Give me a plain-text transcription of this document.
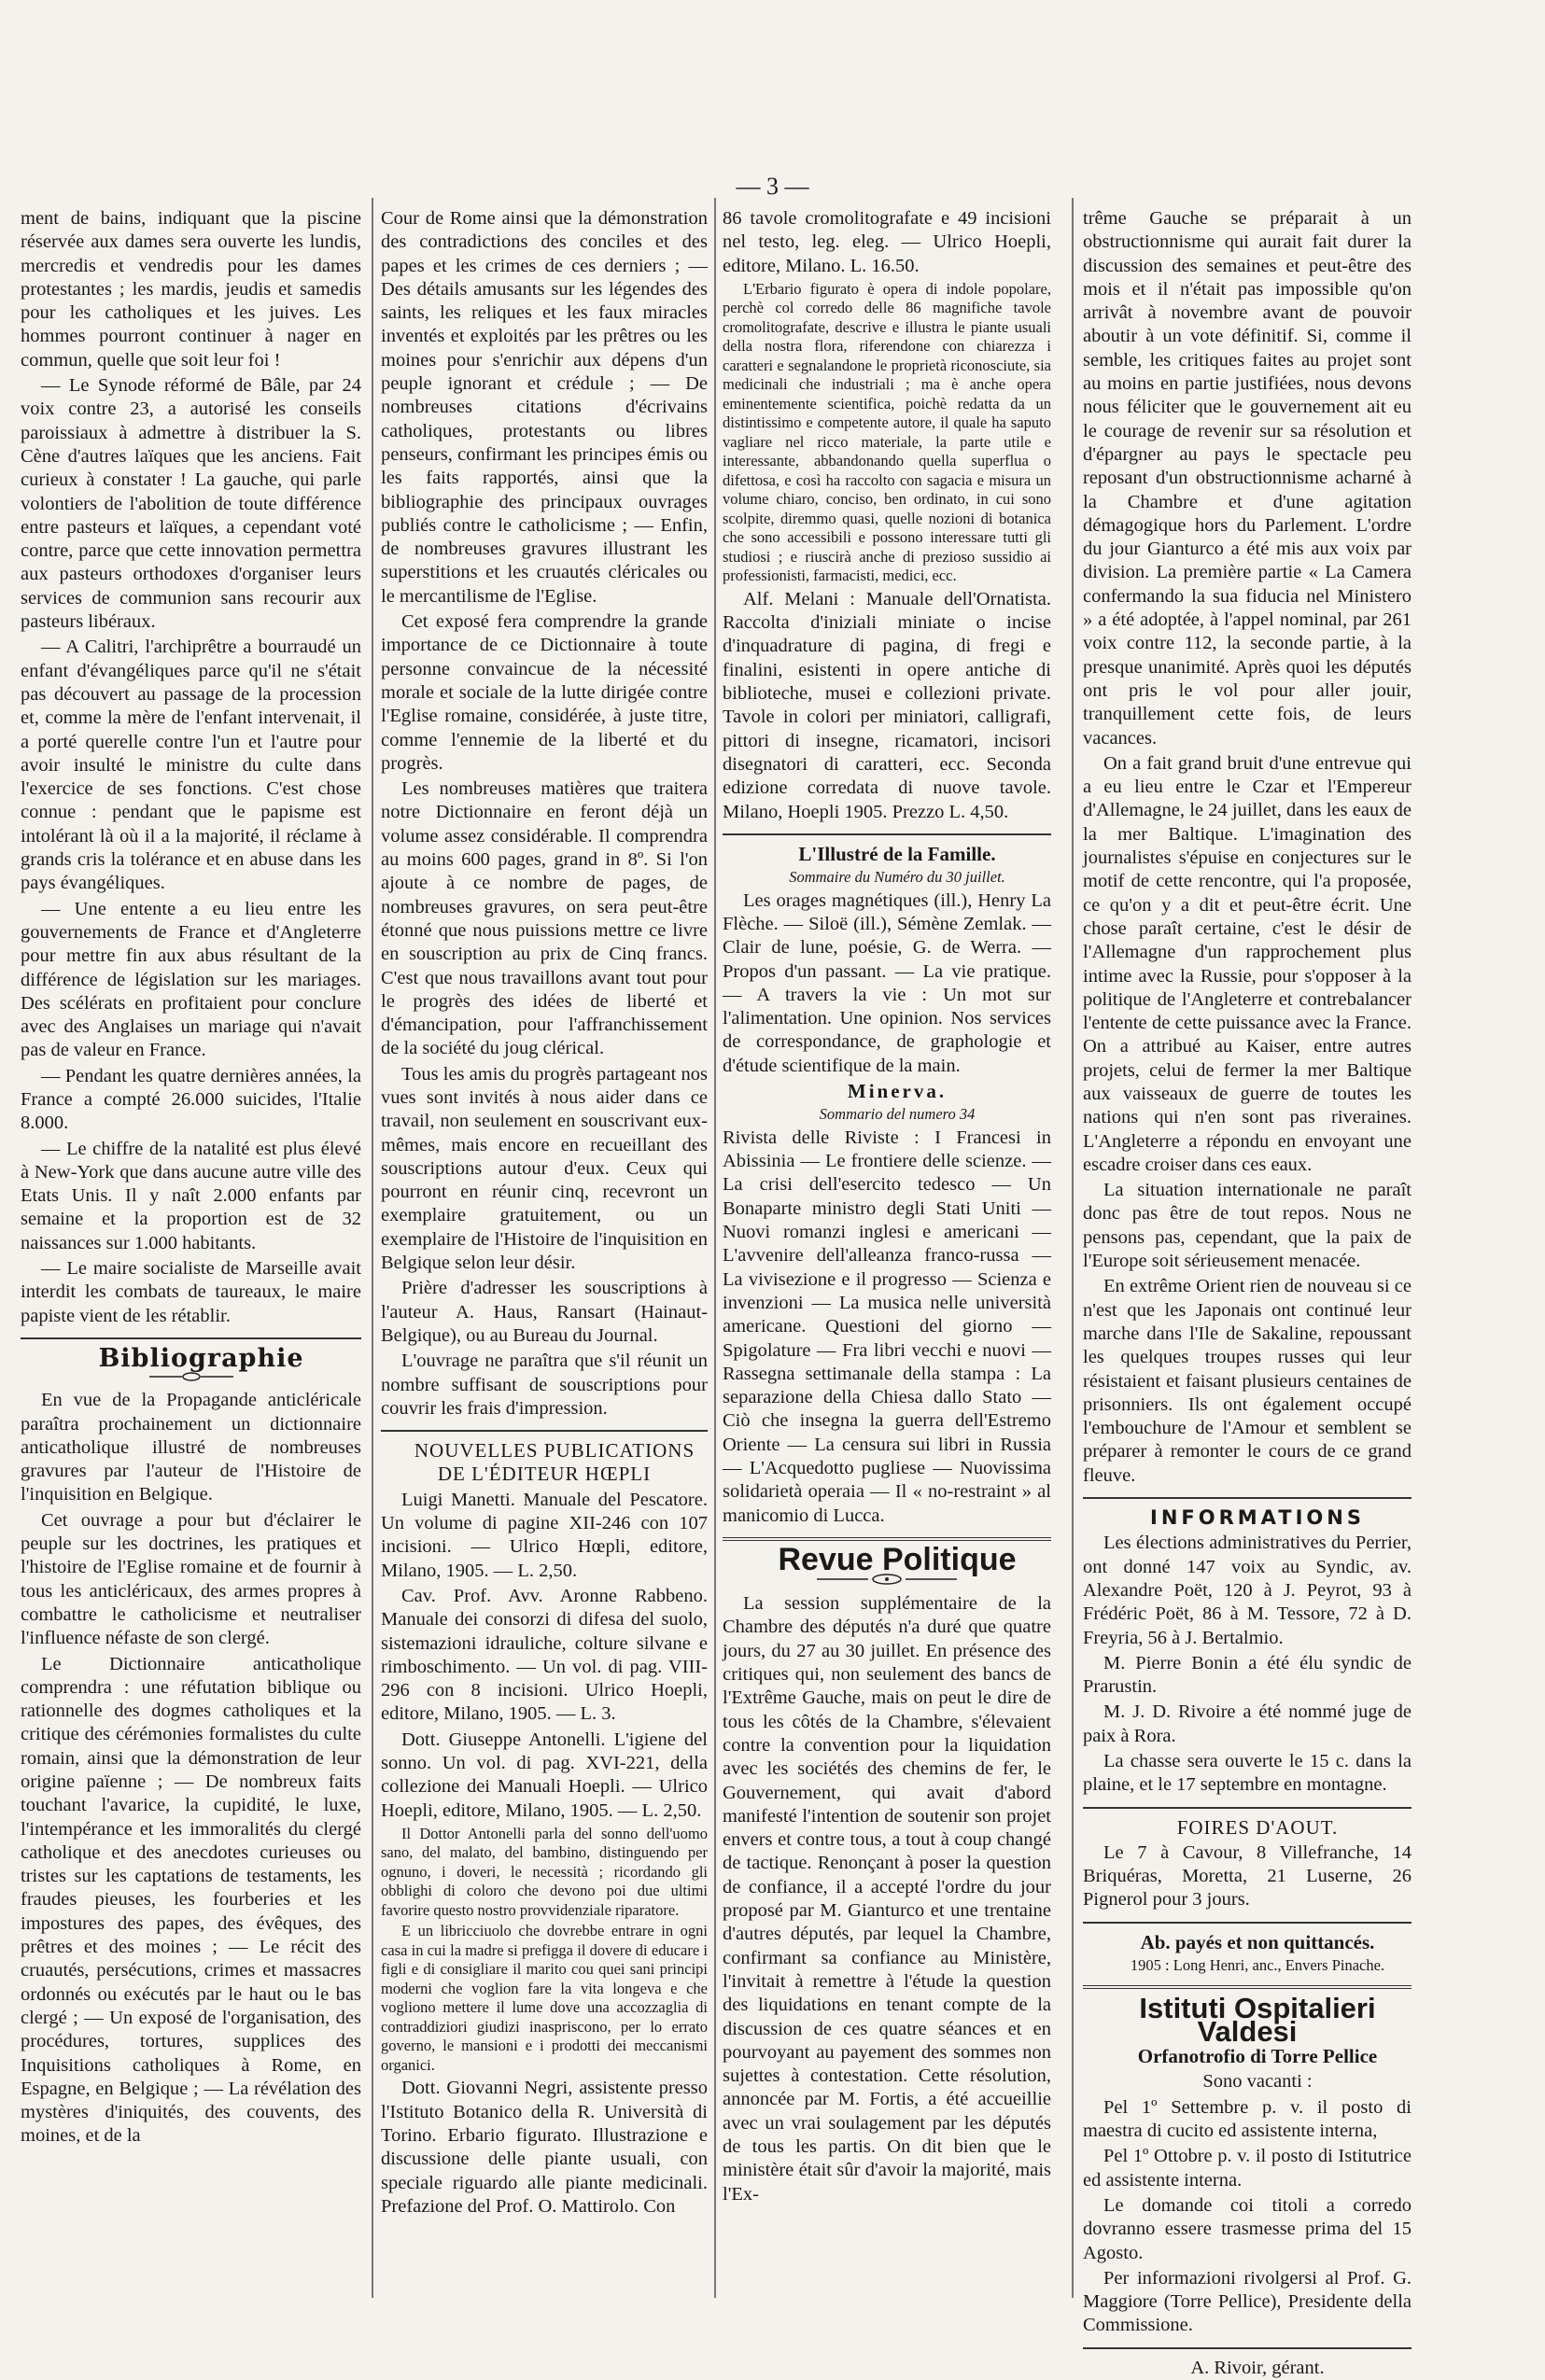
— 3 —

ment de bains, indiquant que la piscine réservée aux dames sera ouverte les lundis, mercredis et vendredis pour les dames protestantes ; les mardis, jeudis et samedis pour les catholiques et les juives. Les hommes pourront continuer à nager en commun, quelle que soit leur foi !

— Le Synode réformé de Bâle, par 24 voix contre 23, a autorisé les conseils paroissiaux à admettre à distribuer la S. Cène d'autres laïques que les anciens. Fait curieux à constater ! La gauche, qui parle volontiers de l'abolition de toute différence entre pasteurs et laïques, a cependant voté contre, parce que cette innovation permettra aux pasteurs orthodoxes d'organiser leurs services de communion sans recourir aux pasteurs libéraux.

— A Calitri, l'archiprêtre a bourraudé un enfant d'évangéliques parce qu'il ne s'était pas découvert au passage de la procession et, comme la mère de l'enfant intervenait, il a porté querelle contre l'un et l'autre pour avoir insulté le ministre du culte dans l'exercice de ses fonctions. C'est chose connue : pendant que le papisme est intolérant là où il a la majorité, il réclame à grands cris la tolérance et en abuse dans les pays évangéliques.

— Une entente a eu lieu entre les gouvernements de France et d'Angleterre pour mettre fin aux abus résultant de la différence de législation sur les mariages. Des scélérats en profitaient pour conclure avec des Anglaises un mariage qui n'avait pas de valeur en France.

— Pendant les quatre dernières années, la France a compté 26.000 suicides, l'Italie 8.000.

— Le chiffre de la natalité est plus élevé à New-York que dans aucune autre ville des Etats Unis. Il y naît 2.000 enfants par semaine et la proportion est de 32 naissances sur 1.000 habitants.

— Le maire socialiste de Marseille avait interdit les combats de taureaux, le maire papiste vient de les rétablir.

Bibliographie

En vue de la Propagande anticléricale paraîtra prochainement un dictionnaire anticatholique illustré de nombreuses gravures par l'auteur de l'Histoire de l'inquisition en Belgique.

Cet ouvrage a pour but d'éclairer le peuple sur les doctrines, les pratiques et l'histoire de l'Eglise romaine et de fournir à tous les anticléricaux, des armes propres à combattre le catholicisme et neutraliser l'influence néfaste de son clergé.

Le Dictionnaire anticatholique comprendra : une réfutation biblique ou rationnelle des dogmes catholiques et la critique des cérémonies formalistes du culte romain, ainsi que la démonstration de leur origine païenne ; — De nombreux faits touchant l'avarice, la cupidité, le luxe, l'intempérance et les immoralités du clergé catholique et des anecdotes curieuses ou tristes sur les captations de testaments, les fraudes pieuses, les fourberies et les impostures des papes, des évêques, des prêtres et des moines ; — Le récit des cruautés, persécutions, crimes et massacres ordonnés ou exécutés par le haut ou le bas clergé ; — Un exposé de l'organisation, des procédures, tortures, supplices des Inquisitions catholiques à Rome, en Espagne, en Belgique ; — La révélation des mystères d'iniquités, des couvents, des moines, et de la

Cour de Rome ainsi que la démonstration des contradictions des conciles et des papes et les crimes de ces derniers ; — Des détails amusants sur les légendes des saints, les reliques et les faux miracles inventés et exploités par les prêtres ou les moines pour s'enrichir aux dépens d'un peuple ignorant et crédule ; — De nombreuses citations d'écrivains catholiques, protestants ou libres penseurs, confirmant les principes émis ou les faits rapportés, ainsi que la bibliographie des principaux ouvrages publiés contre le catholicisme ; — Enfin, de nombreuses gravures illustrant les superstitions et les cruautés cléricales ou le mercantilisme de l'Eglise.

Cet exposé fera comprendre la grande importance de ce Dictionnaire à toute personne convaincue de la nécessité morale et sociale de la lutte dirigée contre l'Eglise romaine, considérée, à juste titre, comme l'ennemie de la liberté et du progrès.

Les nombreuses matières que traitera notre Dictionnaire en feront déjà un volume assez considérable. Il comprendra au moins 600 pages, grand in 8º. Si l'on ajoute à ce nombre de pages, de nombreuses gravures, on sera peut-être étonné que nous puissions mettre ce livre en souscription au prix de Cinq francs. C'est que nous travaillons avant tout pour le progrès des idées de liberté et d'émancipation, pour l'affranchissement de la société du joug clérical.

Tous les amis du progrès partageant nos vues sont invités à nous aider dans ce travail, non seulement en souscrivant eux-mêmes, mais encore en recueillant des souscriptions autour d'eux. Ceux qui pourront en réunir cinq, recevront un exemplaire gratuitement, ou un exemplaire de l'Histoire de l'inquisition en Belgique selon leur désir.

Prière d'adresser les souscriptions à l'auteur A. Haus, Ransart (Hainaut-Belgique), ou au Bureau du Journal.

L'ouvrage ne paraîtra que s'il réunit un nombre suffisant de souscriptions pour couvrir les frais d'impression.

NOUVELLES PUBLICATIONS DE L'ÉDITEUR HŒPLI

Luigi Manetti. Manuale del Pescatore. Un volume di pagine XII-246 con 107 incisioni. — Ulrico Hœpli, editore, Milano, 1905. — L. 2,50.

Cav. Prof. Avv. Aronne Rabbeno. Manuale dei consorzi di difesa del suolo, sistemazioni idrauliche, colture silvane e rimboschimento. — Un vol. di pag. VIII-296 con 8 incisioni. Ulrico Hoepli, editore, Milano, 1905. — L. 3.

Dott. Giuseppe Antonelli. L'igiene del sonno. Un vol. di pag. XVI-221, della collezione dei Manuali Hoepli. — Ulrico Hoepli, editore, Milano, 1905. — L. 2,50.

Il Dottor Antonelli parla del sonno dell'uomo sano, del malato, del bambino, distinguendo per ognuno, i doveri, le necessità ; ricordando gli obblighi di coloro che devono poi due ultimi favorire questo nostro provvidenziale riparatore.

E un libricciuolo che dovrebbe entrare in ogni casa in cui la madre si prefigga il dovere di educare i figli e di consigliare il marito cou quei sani principi moderni che voglion fare la vita longeva e che vogliono mettere il lume dove una accozzaglia di contraddiziori giudizi inaspriscono, per lo errato governo, le mansioni e i prodotti dei meccanismi organici.

Dott. Giovanni Negri, assistente presso l'Istituto Botanico della R. Università di Torino. Erbario figurato. Illustrazione e discussione delle piante usuali, con speciale riguardo alle piante medicinali. Prefazione del Prof. O. Mattirolo. Con

86 tavole cromolitografate e 49 incisioni nel testo, leg. eleg. — Ulrico Hoepli, editore, Milano. L. 16.50.

L'Erbario figurato è opera di indole popolare, perchè col corredo delle 86 magnifiche tavole cromolitografate, descrive e illustra le piante usuali della nostra flora, riferendone con chiarezza i caratteri e segnalandone le proprietà riconosciute, sia medicinali che industriali ; ma è anche opera eminentemente scientifica, poichè redatta da un distintissimo e competente autore, il quale ha saputo vagliare nel ricco materiale, la parte utile e interessante, abbandonando quella superflua o difettosa, e così ha raccolto con sagacia e misura un volume chiaro, conciso, ben ordinato, in cui sono scolpite, diremmo quasi, quelle nozioni di botanica che sono accessibili e possono interessare tutti gli studiosi ; e riuscirà anche di prezioso sussidio ai professionisti, farmacisti, medici, ecc.

Alf. Melani : Manuale dell'Ornatista. Raccolta d'iniziali miniate o incise d'inquadrature di pagina, di fregi e finalini, esistenti in opere antiche di biblioteche, musei e collezioni private. Tavole in colori per miniatori, calligrafi, pittori di insegne, ricamatori, incisori disegnatori di caratteri, ecc. Seconda edizione corredata di nuove tavole. Milano, Hoepli 1905. Prezzo L. 4,50.

L'Illustré de la Famille.

Sommaire du Numéro du 30 juillet.

Les orages magnétiques (ill.), Henry La Flèche. — Siloë (ill.), Sémène Zemlak. — Clair de lune, poésie, G. de Werra. — Propos d'un passant. — La vie pratique. — A travers la vie : Un mot sur l'alimentation. Une opinion. Nos services de correspondance, de graphologie et d'étude scientifique de la main.

Minerva.

Sommario del numero 34

Rivista delle Riviste : I Francesi in Abissinia — Le frontiere delle scienze. — La crisi dell'esercito tedesco — Un Bonaparte ministro degli Stati Uniti — Nuovi romanzi inglesi e americani — L'avvenire dell'alleanza franco-russa — La vivisezione e il progresso — Scienza e invenzioni — La musica nelle università americane. Questioni del giorno — Spigolature — Fra libri vecchi e nuovi — Rassegna settimanale della stampa : La separazione della Chiesa dallo Stato — Ciò che insegna la guerra dell'Estremo Oriente — La censura sui libri in Russia — L'Acquedotto pugliese — Nuovissima solidarietà operaia — Il « no-restraint » al manicomio di Lucca.

Revue Politique

La session supplémentaire de la Chambre des députés n'a duré que quatre jours, du 27 au 30 juillet. En présence des critiques qui, non seulement des bancs de l'Extrême Gauche, mais on peut le dire de tous les côtés de la Chambre, s'élevaient contre la convention pour la liquidation avec les sociétés des chemins de fer, le Gouvernement, qui avait d'abord manifesté l'intention de soutenir son projet envers et contre tous, a tout à coup changé de tactique. Renonçant à poser la question de confiance, il a accepté l'ordre du jour proposé par M. Gianturco et une trentaine d'autres députés, par lequel la Chambre, confirmant sa confiance au Ministère, l'invitait à remettre à l'étude la question des liquidations en tenant compte de la discussion de ces quatre séances et en pourvoyant au payement des sommes non sujettes à contestation. Cette résolution, annoncée par M. Fortis, a été accueillie avec un vrai soulagement par les députés de tous les partis. On dit bien que le ministère était sûr d'avoir la majorité, mais l'Ex-

trême Gauche se préparait à un obstructionnisme qui aurait fait durer la discussion des semaines et peut-être des mois et il n'était pas impossible qu'on arrivât à novembre avant de pouvoir aboutir à un vote définitif. Si, comme il semble, les critiques faites au projet sont au moins en partie justifiées, nous devons nous féliciter que le gouvernement ait eu le courage de revenir sur sa résolution et d'épargner au pays le spectacle peu reposant d'un obstructionnisme acharné à la Chambre et d'une agitation démagogique hors du Parlement. L'ordre du jour Gianturco a été mis aux voix par division. La première partie « La Camera confermando la sua fiducia nel Ministero » a été adoptée, à l'appel nominal, par 261 voix contre 112, la seconde partie, à la presque unanimité. Après quoi les députés ont pris le vol pour aller jouir, tranquillement cette fois, de leurs vacances.

On a fait grand bruit d'une entrevue qui a eu lieu entre le Czar et l'Empereur d'Allemagne, le 24 juillet, dans les eaux de la mer Baltique. L'imagination des journalistes s'épuise en conjectures sur le motif de cette rencontre, qui l'a proposée, ce qu'on y a dit et peut-être écrit. Une chose paraît certaine, c'est le désir de l'Allemagne d'un rapprochement plus intime avec la Russie, pour s'opposer à la politique de l'Angleterre et contrebalancer l'entente de cette puissance avec la France. On a attribué au Kaiser, entre autres projets, celui de fermer la mer Baltique aux vaisseaux de guerre de toutes les nations qui n'en sont pas riveraines. L'Angleterre a répondu en envoyant une escadre croiser dans ces eaux.

La situation internationale ne paraît donc pas être de tout repos. Nous ne pensons pas, cependant, que la paix de l'Europe soit sérieusement menacée.

En extrême Orient rien de nouveau si ce n'est que les Japonais ont continué leur marche dans l'Ile de Sakaline, repoussant les quelques troupes russes qui leur résistaient et faisant plusieurs centaines de prisonniers. Ils ont également occupé l'embouchure de l'Amour et semblent se préparer à remonter le cours de ce grand fleuve.

INFORMATIONS

Les élections administratives du Perrier, ont donné 147 voix au Syndic, av. Alexandre Poët, 120 à J. Peyrot, 93 à Frédéric Poët, 86 à M. Tessore, 72 à D. Freyria, 56 à J. Bertalmio.

M. Pierre Bonin a été élu syndic de Prarustin.

M. J. D. Rivoire a été nommé juge de paix à Rora.

La chasse sera ouverte le 15 c. dans la plaine, et le 17 septembre en montagne.

FOIRES D'AOUT.

Le 7 à Cavour, 8 Villefranche, 14 Briquéras, Moretta, 21 Luserne, 26 Pignerol pour 3 jours.

Ab. payés et non quittancés.

1905 : Long Henri, anc., Envers Pinache.

Istituti Ospitalieri Valdesi

Orfanotrofio di Torre Pellice

Sono vacanti :

Pel 1º Settembre p. v. il posto di maestra di cucito ed assistente interna,

Pel 1º Ottobre p. v. il posto di Istitutrice ed assistente interna.

Le domande coi titoli a corredo dovranno essere trasmesse prima del 15 Agosto.

Per informazioni rivolgersi al Prof. G. Maggiore (Torre Pellice), Presidente della Commissione.

A. Rivoir, gérant.
